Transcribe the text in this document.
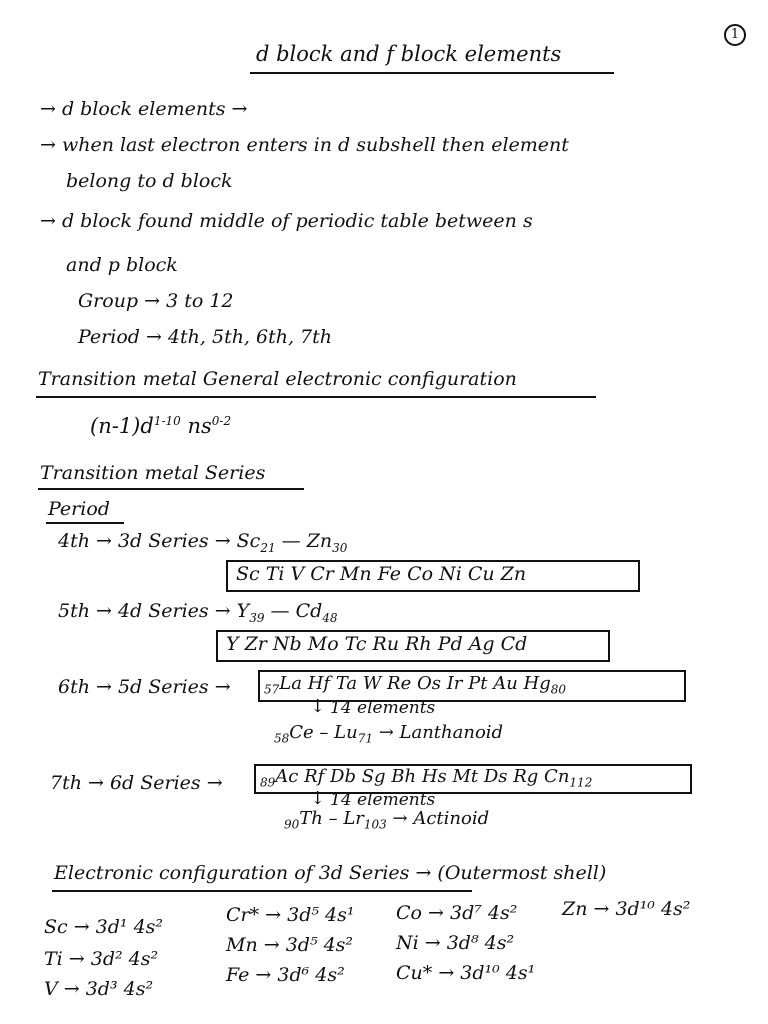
1
d block and f block elements
→ d block elements →
→ when last electron enters in d subshell then element
belong to d block
→ d block found middle of periodic table between s
and p block
Group → 3 to 12
Period → 4th, 5th, 6th, 7th
Transition metal General electronic configuration
$(n-1)d^{1-10}$ $ns^{0-2}$
Transition metal Series
Period
4th → 3d Series → $Sc_{21}$ — $Zn_{30}$
Sc Ti V Cr Mn Fe Co Ni Cu Zn
5th → 4d Series → $Y_{39}$ — $Cd_{48}$
Y Zr Nb Mo Tc Ru Rh Pd Ag Cd
6th → 5d Series →	$_{57}$La Hf Ta W Re Os Ir Pt Au $Hg_{80}$
↓ 14 elements
$_{58}Ce - Lu_{71}$ → Lanthanoid
7th → 6d Series →	$_{89}$Ac Rf Db Sg Bh Hs Mt Ds Rg $Cn_{112}$
↓ 14 elements
$_{90}Th - Lr_{103}$ → Actinoid
Electronic configuration of 3d Series → (Outermost shell)
Sc → 3d¹ 4s²
Ti → 3d² 4s²
V → 3d³ 4s²
Cr* → 3d⁵ 4s¹
Mn → 3d⁵ 4s²
Fe → 3d⁶ 4s²
Co → 3d⁷ 4s²
Ni → 3d⁸ 4s²
Cu* → 3d¹⁰ 4s¹
Zn → 3d¹⁰ 4s²
